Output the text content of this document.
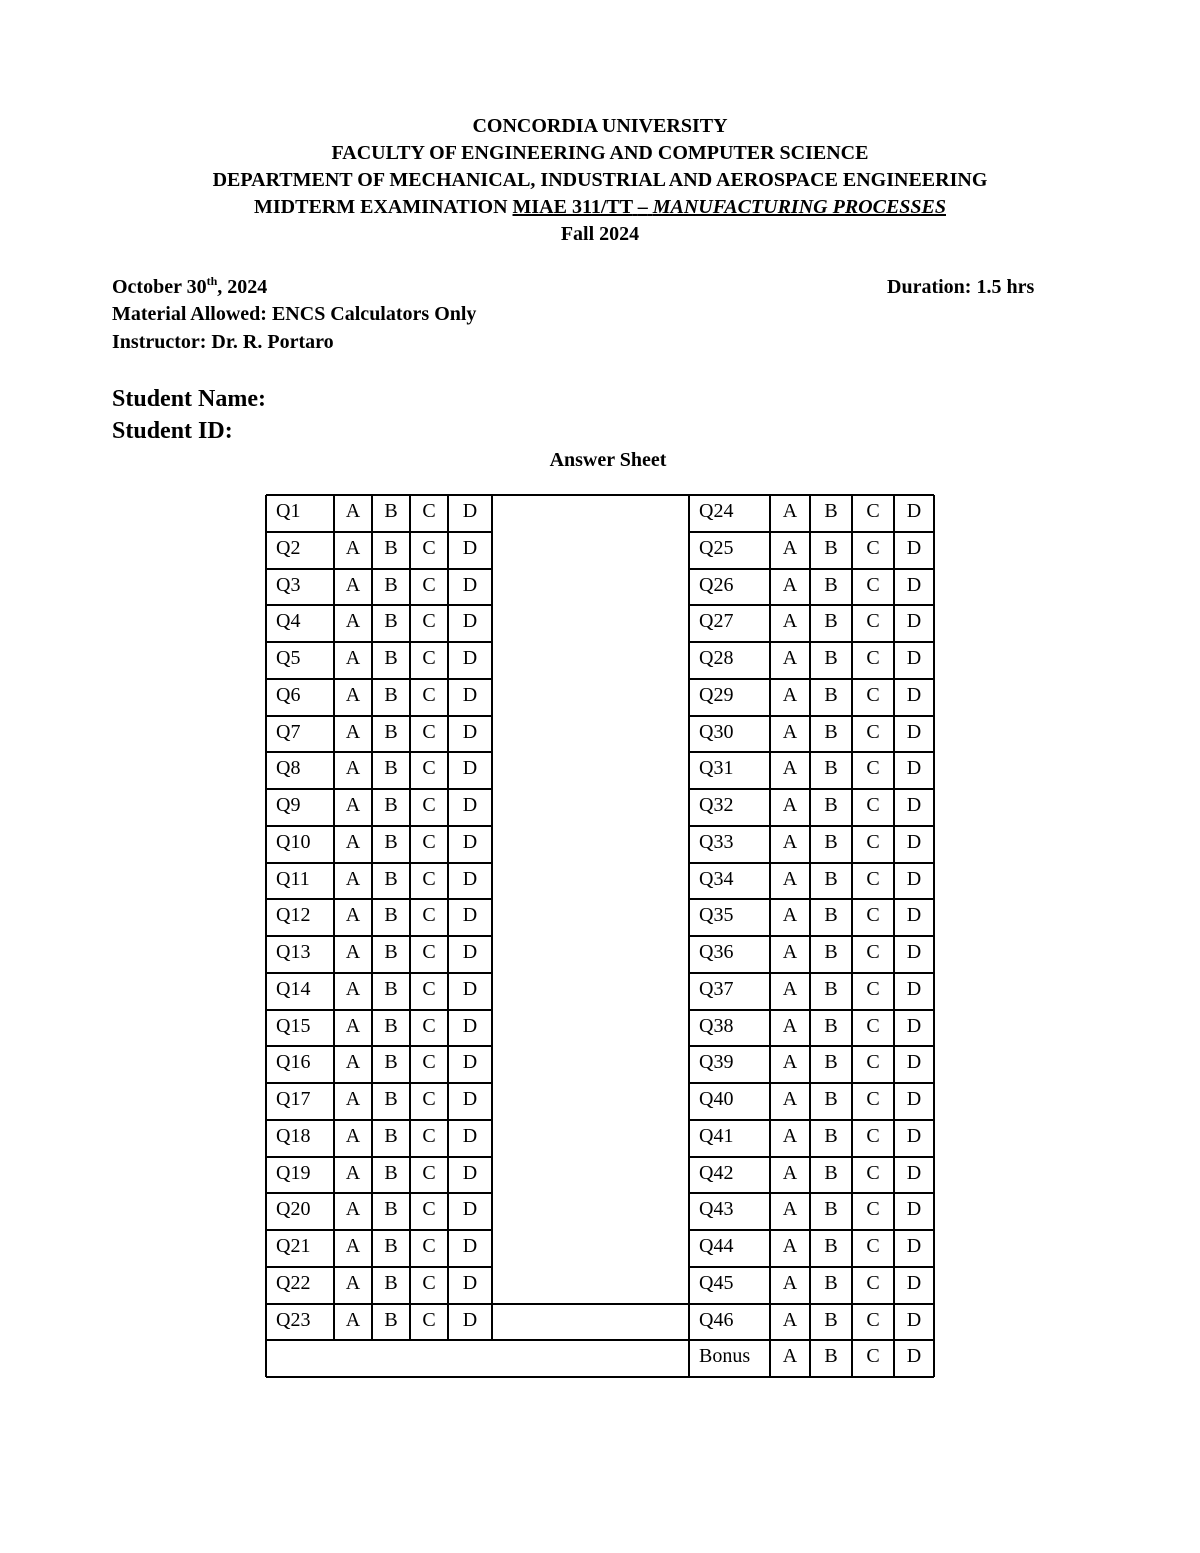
CONCORDIA UNIVERSITY
FACULTY OF ENGINEERING AND COMPUTER SCIENCE
DEPARTMENT OF MECHANICAL, INDUSTRIAL AND AEROSPACE ENGINEERING
MIDTERM EXAMINATION MIAE 311/TT – MANUFACTURING PROCESSES
Fall 2024
October 30th, 2024	Duration: 1.5 hrs
Material Allowed: ENCS Calculators Only
Instructor: Dr. R. Portaro
Student Name:
Student ID:
Answer Sheet
Q1	A	B	C	D	Q24	A	B	C	D
Q2	A	B	C	D	Q25	A	B	C	D
Q3	A	B	C	D	Q26	A	B	C	D
Q4	A	B	C	D	Q27	A	B	C	D
Q5	A	B	C	D	Q28	A	B	C	D
Q6	A	B	C	D	Q29	A	B	C	D
Q7	A	B	C	D	Q30	A	B	C	D
Q8	A	B	C	D	Q31	A	B	C	D
Q9	A	B	C	D	Q32	A	B	C	D
Q10	A	B	C	D	Q33	A	B	C	D
Q11	A	B	C	D	Q34	A	B	C	D
Q12	A	B	C	D	Q35	A	B	C	D
Q13	A	B	C	D	Q36	A	B	C	D
Q14	A	B	C	D	Q37	A	B	C	D
Q15	A	B	C	D	Q38	A	B	C	D
Q16	A	B	C	D	Q39	A	B	C	D
Q17	A	B	C	D	Q40	A	B	C	D
Q18	A	B	C	D	Q41	A	B	C	D
Q19	A	B	C	D	Q42	A	B	C	D
Q20	A	B	C	D	Q43	A	B	C	D
Q21	A	B	C	D	Q44	A	B	C	D
Q22	A	B	C	D	Q45	A	B	C	D
Q23	A	B	C	D	Q46	A	B	C	D
Bonus	A	B	C	D
